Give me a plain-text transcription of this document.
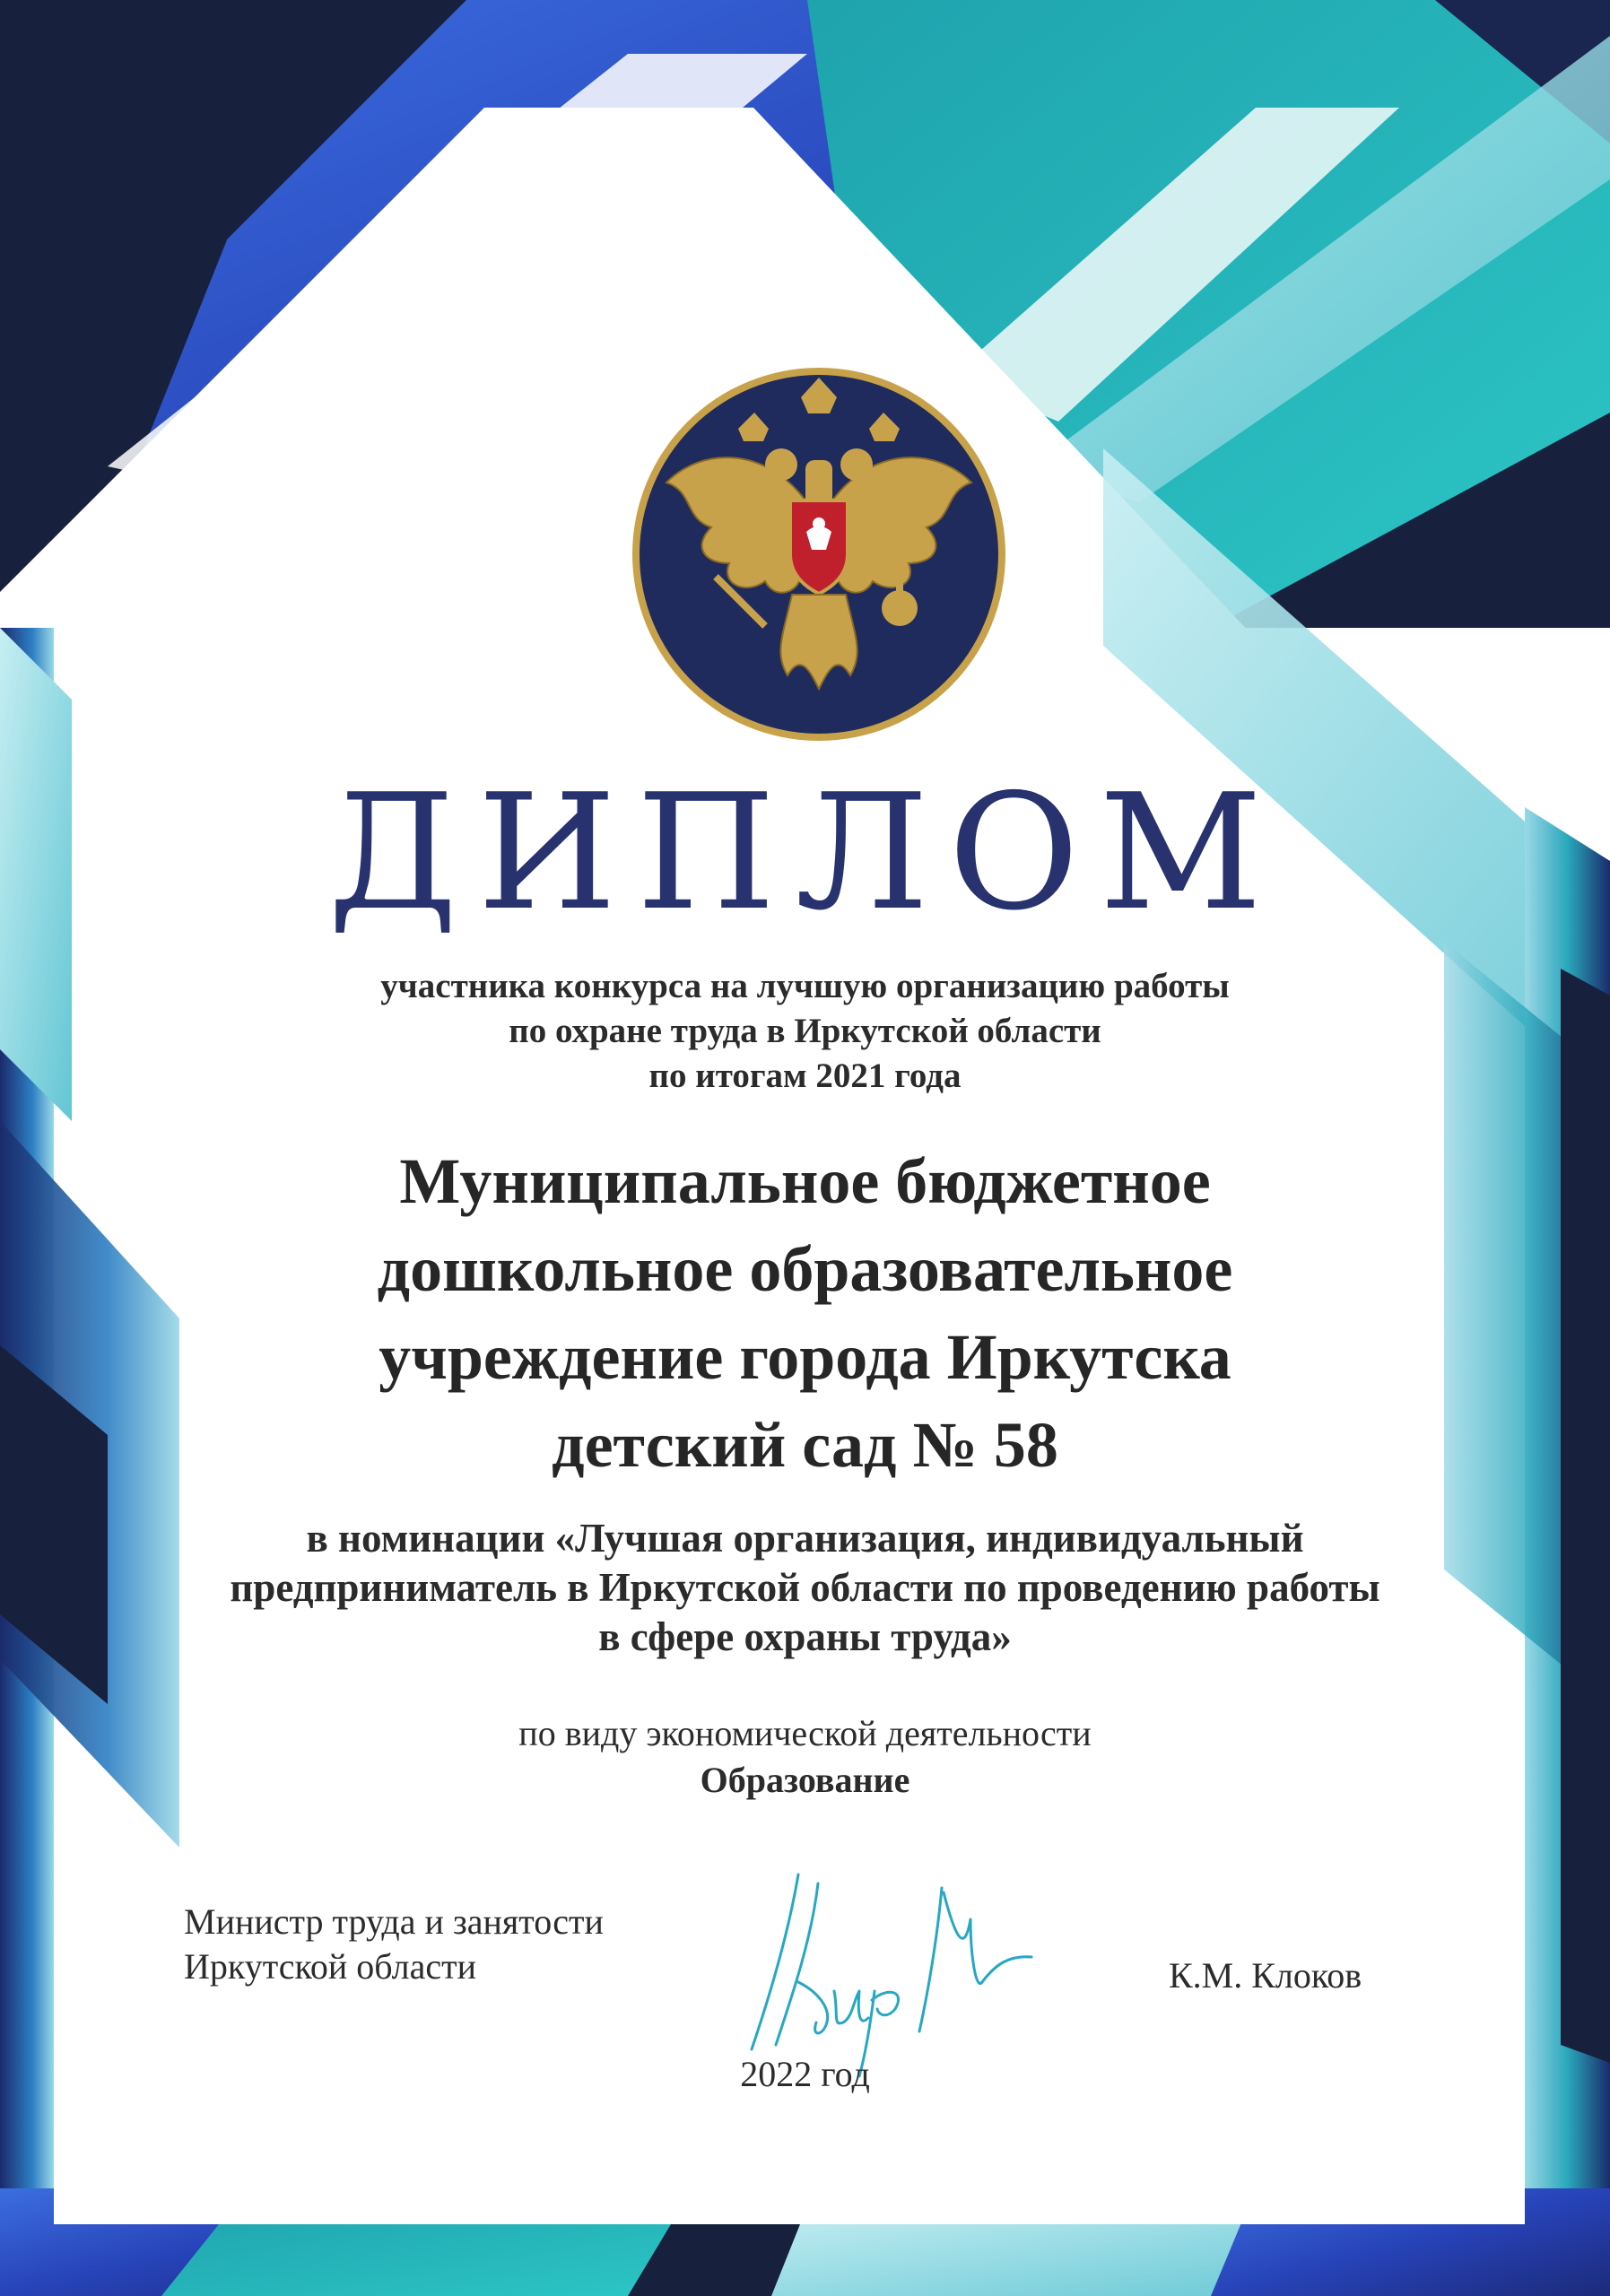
ДИПЛОМ
участника конкурса на лучшую организацию работы
по охране труда в Иркутской области
по итогам 2021 года
Муниципальное бюджетное
дошкольное образовательное
учреждение города Иркутска
детский сад № 58
в номинации «Лучшая организация, индивидуальный
предприниматель в Иркутской области по проведению работы
в сфере охраны труда»
по виду экономической деятельности
Образование
Министр труда и занятости
Иркутской области	К.М. Клоков
2022 год
